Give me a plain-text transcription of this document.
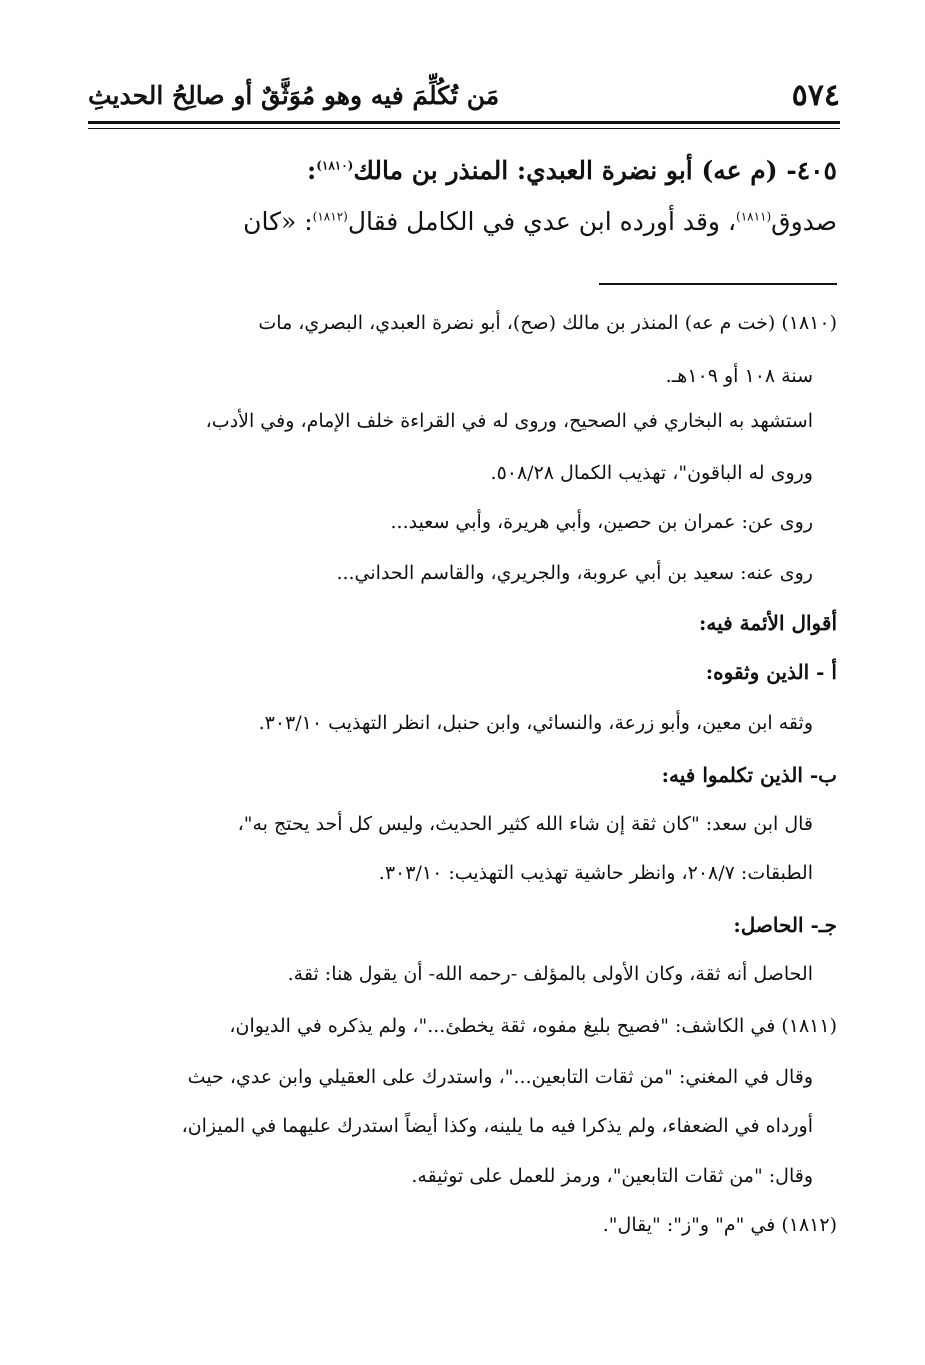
٥٧٤
مَن تُكُلِّمَ فيه وهو مُوَثَّقٌ أو صالِحُ الحديثِ
٤٠٥- (م عه) أبو نضرة العبدي: المنذر بن مالك$^{(١٨١٠)}$:
صدوق$^{(١٨١١)}$، وقد أورده ابن عدي في الكامل فقال$^{(١٨١٢)}$: «كان
(١٨١٠) (خت م عه) المنذر بن مالك (صح)، أبو نضرة العبدي، البصري، مات
سنة ١٠٨ أو ١٠٩هـ.
استشهد به البخاري في الصحيح، وروى له في القراءة خلف الإمام، وفي الأدب،
وروى له الباقون"، تهذيب الكمال ٥٠٨/٢٨.
روى عن: عمران بن حصين، وأبي هريرة، وأبي سعيد...
روى عنه: سعيد بن أبي عروبة، والجريري، والقاسم الحداني...
أقوال الأئمة فيه:
أ - الذين وثقوه:
وثقه ابن معين، وأبو زرعة، والنسائي، وابن حنبل، انظر التهذيب ٣٠٣/١٠.
ب- الذين تكلموا فيه:
قال ابن سعد: "كان ثقة إن شاء الله كثير الحديث، وليس كل أحد يحتج به"،
الطبقات: ٢٠٨/٧، وانظر حاشية تهذيب التهذيب: ٣٠٣/١٠.
جـ- الحاصل:
الحاصل أنه ثقة، وكان الأولى بالمؤلف -رحمه الله- أن يقول هنا: ثقة.
(١٨١١) في الكاشف: "فصيح بليغ مفوه، ثقة يخطئ..."، ولم يذكره في الديوان،
وقال في المغني: "من ثقات التابعين..."، واستدرك على العقيلي وابن عدي، حيث
أورداه في الضعفاء، ولم يذكرا فيه ما يلينه، وكذا أيضاً استدرك عليهما في الميزان،
وقال: "من ثقات التابعين"، ورمز للعمل على توثيقه.
(١٨١٢) في "م" و"ز": "يقال".
